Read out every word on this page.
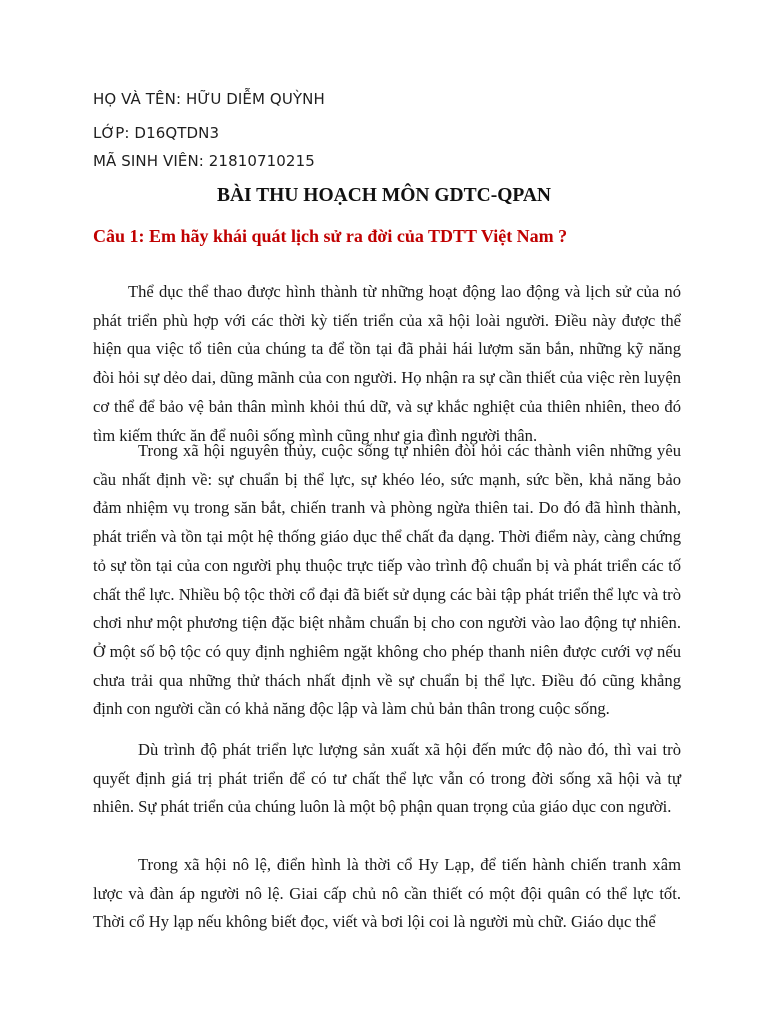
HỌ VÀ TÊN: HỮU DIỄM QUỲNH
LỚP: D16QTDN3
MÃ SINH VIÊN: 21810710215
BÀI THU HOẠCH MÔN GDTC-QPAN
Câu 1: Em hãy khái quát lịch sử ra đời của TDTT Việt Nam ?

Thể dục thể thao được hình thành từ những hoạt động lao động và lịch sử của nó phát triển phù hợp với các thời kỳ tiến triển của xã hội loài người. Điều này được thể hiện qua việc tổ tiên của chúng ta để tồn tại đã phải hái lượm săn bắn, những kỹ năng đòi hỏi sự dẻo dai, dũng mãnh của con người. Họ nhận ra sự cần thiết của việc rèn luyện cơ thể để bảo vệ bản thân mình khỏi thú dữ, và sự khắc nghiệt của thiên nhiên, theo đó tìm kiếm thức ăn để nuôi sống mình cũng như gia đình người thân.

Trong xã hội nguyên thủy, cuộc sống tự nhiên đòi hỏi các thành viên những yêu cầu nhất định về: sự chuẩn bị thể lực, sự khéo léo, sức mạnh, sức bền, khả năng bảo đảm nhiệm vụ trong săn bắt, chiến tranh và phòng ngừa thiên tai. Do đó đã hình thành, phát triển và tồn tại một hệ thống giáo dục thể chất đa dạng. Thời điểm này, càng chứng tỏ sự tồn tại của con người phụ thuộc trực tiếp vào trình độ chuẩn bị và phát triển các tố chất thể lực. Nhiều bộ tộc thời cổ đại đã biết sử dụng các bài tập phát triển thể lực và trò chơi như một phương tiện đặc biệt nhằm chuẩn bị cho con người vào lao động tự nhiên. Ở một số bộ tộc có quy định nghiêm ngặt không cho phép thanh niên được cưới vợ nếu chưa trải qua những thử thách nhất định về sự chuẩn bị thể lực. Điều đó cũng khẳng định con người cần có khả năng độc lập và làm chủ bản thân trong cuộc sống.

Dù trình độ phát triển lực lượng sản xuất xã hội đến mức độ nào đó, thì vai trò quyết định giá trị phát triển để có tư chất thể lực vẫn có trong đời sống xã hội và tự nhiên. Sự phát triển của chúng luôn là một bộ phận quan trọng của giáo dục con người.

Trong xã hội nô lệ, điển hình là thời cổ Hy Lạp, để tiến hành chiến tranh xâm lược và đàn áp người nô lệ. Giai cấp chủ nô cần thiết có một đội quân có thể lực tốt. Thời cổ Hy lạp nếu không biết đọc, viết và bơi lội coi là người mù chữ. Giáo dục thể
